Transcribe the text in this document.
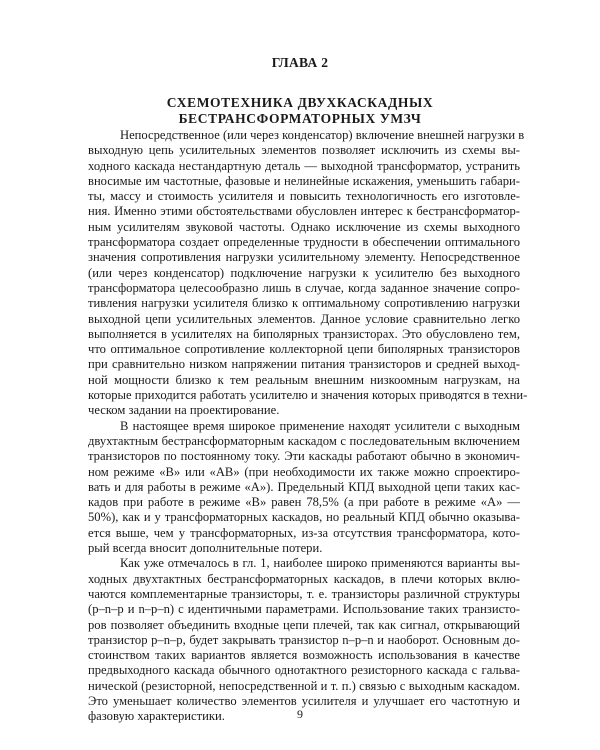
ГЛАВА 2
СХЕМОТЕХНИКА ДВУХКАСКАДНЫХ
БЕСТРАНСФОРМАТОРНЫХ УМЗЧ
Непосредственное (или через конденсатор) включение внешней нагрузки в
выходную цепь усилительных элементов позволяет исключить из схемы вы-
ходного каскада нестандартную деталь — выходной трансформатор, устранить
вносимые им частотные, фазовые и нелинейные искажения, уменьшить габари-
ты, массу и стоимость усилителя и повысить технологичность его изготовле-
ния. Именно этими обстоятельствами обусловлен интерес к бестрансформатор-
ным усилителям звуковой частоты. Однако исключение из схемы выходного
трансформатора создает определенные трудности в обеспечении оптимального
значения сопротивления нагрузки усилительному элементу. Непосредственное
(или через конденсатор) подключение нагрузки к усилителю без выходного
трансформатора целесообразно лишь в случае, когда заданное значение сопро-
тивления нагрузки усилителя близко к оптимальному сопротивлению нагрузки
выходной цепи усилительных элементов. Данное условие сравнительно легко
выполняется в усилителях на биполярных транзисторах. Это обусловлено тем,
что оптимальное сопротивление коллекторной цепи биполярных транзисторов
при сравнительно низком напряжении питания транзисторов и средней выход-
ной мощности близко к тем реальным внешним низкоомным нагрузкам, на
которые приходится работать усилителю и значения которых приводятся в техни-
ческом задании на проектирование.
В настоящее время широкое применение находят усилители с выходным
двухтактным бестрансформаторным каскадом с последовательным включением
транзисторов по постоянному току. Эти каскады работают обычно в экономич-
ном режиме «B» или «AB» (при необходимости их также можно спроектиро-
вать и для работы в режиме «A»). Предельный КПД выходной цепи таких кас-
кадов при работе в режиме «B» равен 78,5% (а при работе в режиме «A» —
50%), как и у трансформаторных каскадов, но реальный КПД обычно оказыва-
ется выше, чем у трансформаторных, из-за отсутствия трансформатора, кото-
рый всегда вносит дополнительные потери.
Как уже отмечалось в гл. 1, наиболее широко применяются варианты вы-
ходных двухтактных бестрансформаторных каскадов, в плечи которых вклю-
чаются комплементарные транзисторы, т. е. транзисторы различной структуры
(p–n–p и n–p–n) с идентичными параметрами. Использование таких транзисто-
ров позволяет объединить входные цепи плечей, так как сигнал, открывающий
транзистор p–n–p, будет закрывать транзистор n–p–n и наоборот. Основным до-
стоинством таких вариантов является возможность использования в качестве
предвыходного каскада обычного однотактного резисторного каскада с гальва-
нической (резисторной, непосредственной и т. п.) связью с выходным каскадом.
Это уменьшает количество элементов усилителя и улучшает его частотную и
фазовую характеристики.	9
